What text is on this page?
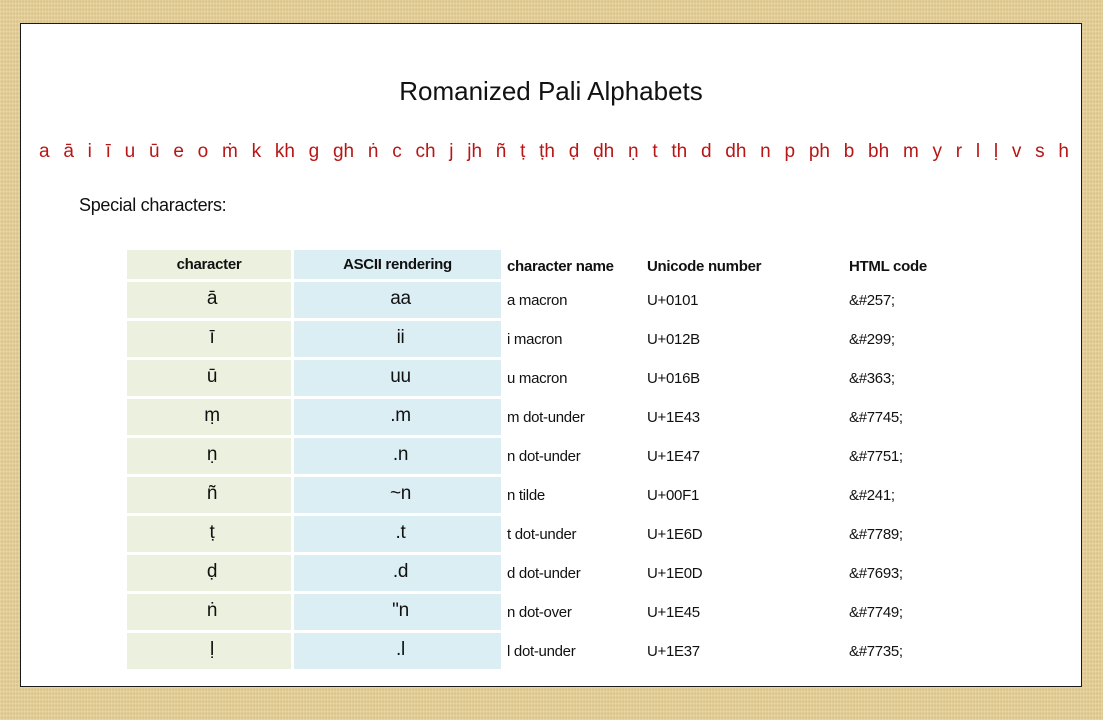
Romanized Pali Alphabets
a ā i ī u ū e o ṁ k kh g gh ṅ c ch j jh ñ ṭ ṭh ḍ ḍh ṇ t th d dh n p ph b bh m y r l ḷ v s h
Special characters:
character	ASCII rendering	character name	Unicode number	HTML code
ā	aa	a macron	U+0101	&#257;
ī	ii	i macron	U+012B	&#299;
ū	uu	u macron	U+016B	&#363;
ṃ	.m	m dot-under	U+1E43	&#7745;
ṇ	.n	n dot-under	U+1E47	&#7751;
ñ	~n	n tilde	U+00F1	&#241;
ṭ	.t	t dot-under	U+1E6D	&#7789;
ḍ	.d	d dot-under	U+1E0D	&#7693;
ṅ	"n	n dot-over	U+1E45	&#7749;
ḷ	.l	l dot-under	U+1E37	&#7735;
